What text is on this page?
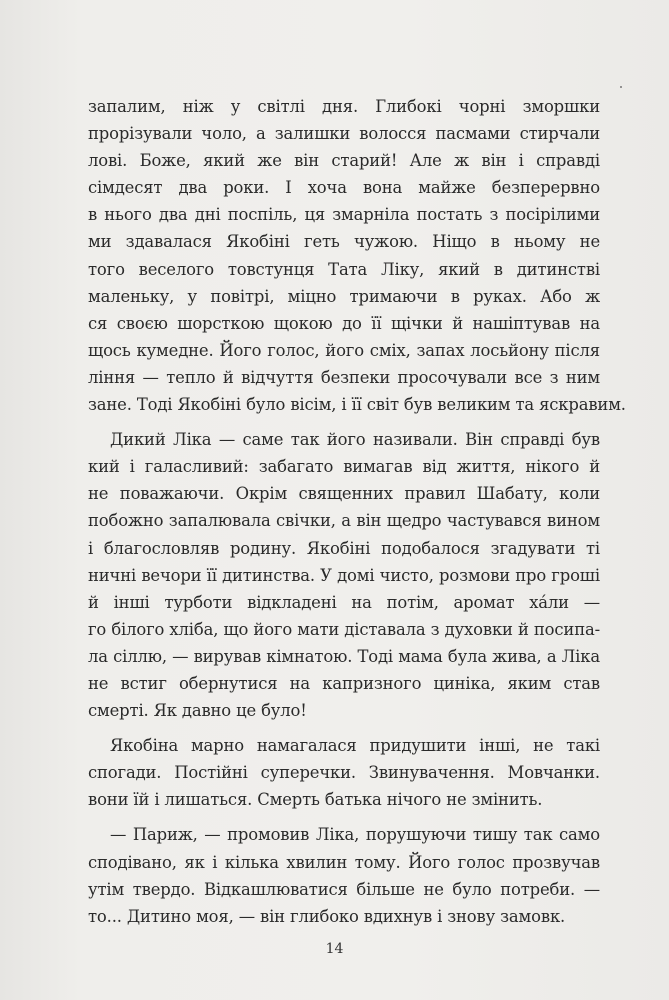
запалим, ніж у світлі дня. Глибокі чорні зморшки
прорізували чоло, а залишки волосся пасмами стирчали
лові. Боже, який же він старий! Але ж він і справді
сімдесят два роки. І хоча вона майже безперервно
в нього два дні поспіль, ця змарніла постать з посірілими
ми здавалася Якобіні геть чужою. Ніщо в ньому не
того веселого товстунця Тата Ліку, який в дитинстві
маленьку, у повітрі, міцно тримаючи в руках. Або ж
ся своєю шорсткою щокою до її щічки й нашіптував на
щось кумедне. Його голос, його сміх, запах лосьйону після
ління — тепло й відчуття безпеки просочували все з ним
зане. Тоді Якобіні було вісім, і її світ був великим та яскравим.
Дикий Ліка — саме так його називали. Він справді був
кий і галасливий: забагато вимагав від життя, нікого й
не поважаючи. Окрім священних правил Шабату, коли
побожно запалювала свічки, а він щедро частувався вином
і благословляв родину. Якобіні подобалося згадувати ті
ничні вечори її дитинства. У домі чисто, розмови про гроші
й інші турботи відкладені на потім, аромат ха́ли —
го білого хліба, що його мати діставала з духовки й посипа-
ла сіллю, — вирував кімнатою. Тоді мама була жива, а Ліка
не встиг обернутися на капризного циніка, яким став
смерті. Як давно це було!
Якобіна марно намагалася придушити інші, не такі
спогади. Постійні суперечки. Звинувачення. Мовчанки.
вони їй і лишаться. Смерть батька нічого не змінить.
— Париж, — промовив Ліка, порушуючи тишу так само
сподівано, як і кілька хвилин тому. Його голос прозвучав
утім твердо. Відкашлюватися більше не було потреби. —
то... Дитино моя, — він глибоко вдихнув і знову замовк.
14
